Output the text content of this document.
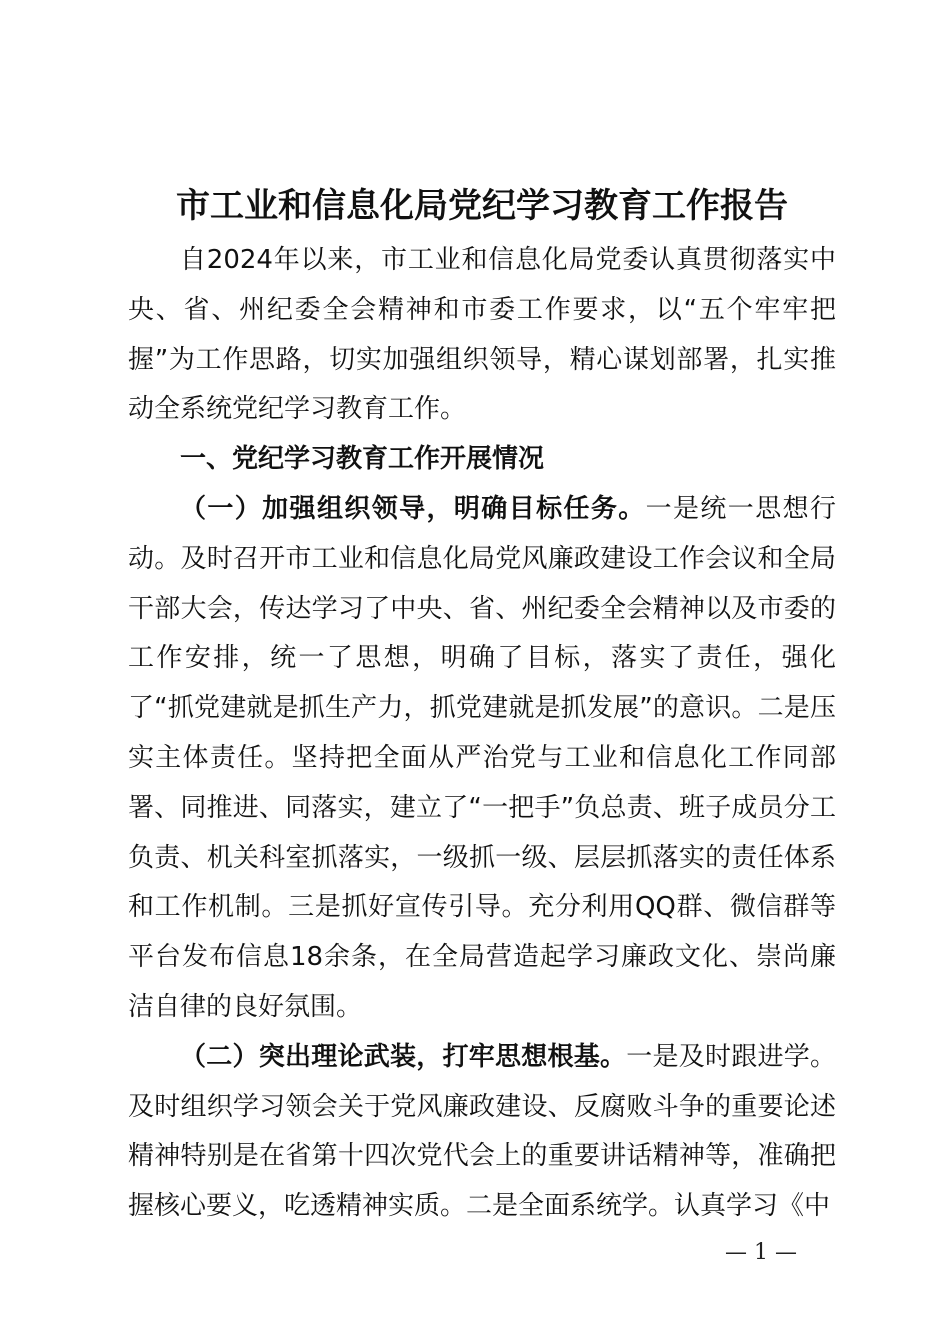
市工业和信息化局党纪学习教育工作报告

自2024年以来，市工业和信息化局党委认真贯彻落实中央、省、州纪委全会精神和市委工作要求，以“五个牢牢把握”为工作思路，切实加强组织领导，精心谋划部署，扎实推动全系统党纪学习教育工作。

一、党纪学习教育工作开展情况

（一）加强组织领导，明确目标任务。一是统一思想行动。及时召开市工业和信息化局党风廉政建设工作会议和全局干部大会，传达学习了中央、省、州纪委全会精神以及市委的工作安排，统一了思想，明确了目标，落实了责任，强化了“抓党建就是抓生产力，抓党建就是抓发展”的意识。二是压实主体责任。坚持把全面从严治党与工业和信息化工作同部署、同推进、同落实，建立了“一把手”负总责、班子成员分工负责、机关科室抓落实，一级抓一级、层层抓落实的责任体系和工作机制。三是抓好宣传引导。充分利用QQ群、微信群等平台发布信息18余条，在全局营造起学习廉政文化、崇尚廉洁自律的良好氛围。

（二）突出理论武装，打牢思想根基。一是及时跟进学。及时组织学习领会关于党风廉政建设、反腐败斗争的重要论述精神特别是在省第十四次党代会上的重要讲话精神等，准确把握核心要义，吃透精神实质。二是全面系统学。认真学习《中

— 1 —
